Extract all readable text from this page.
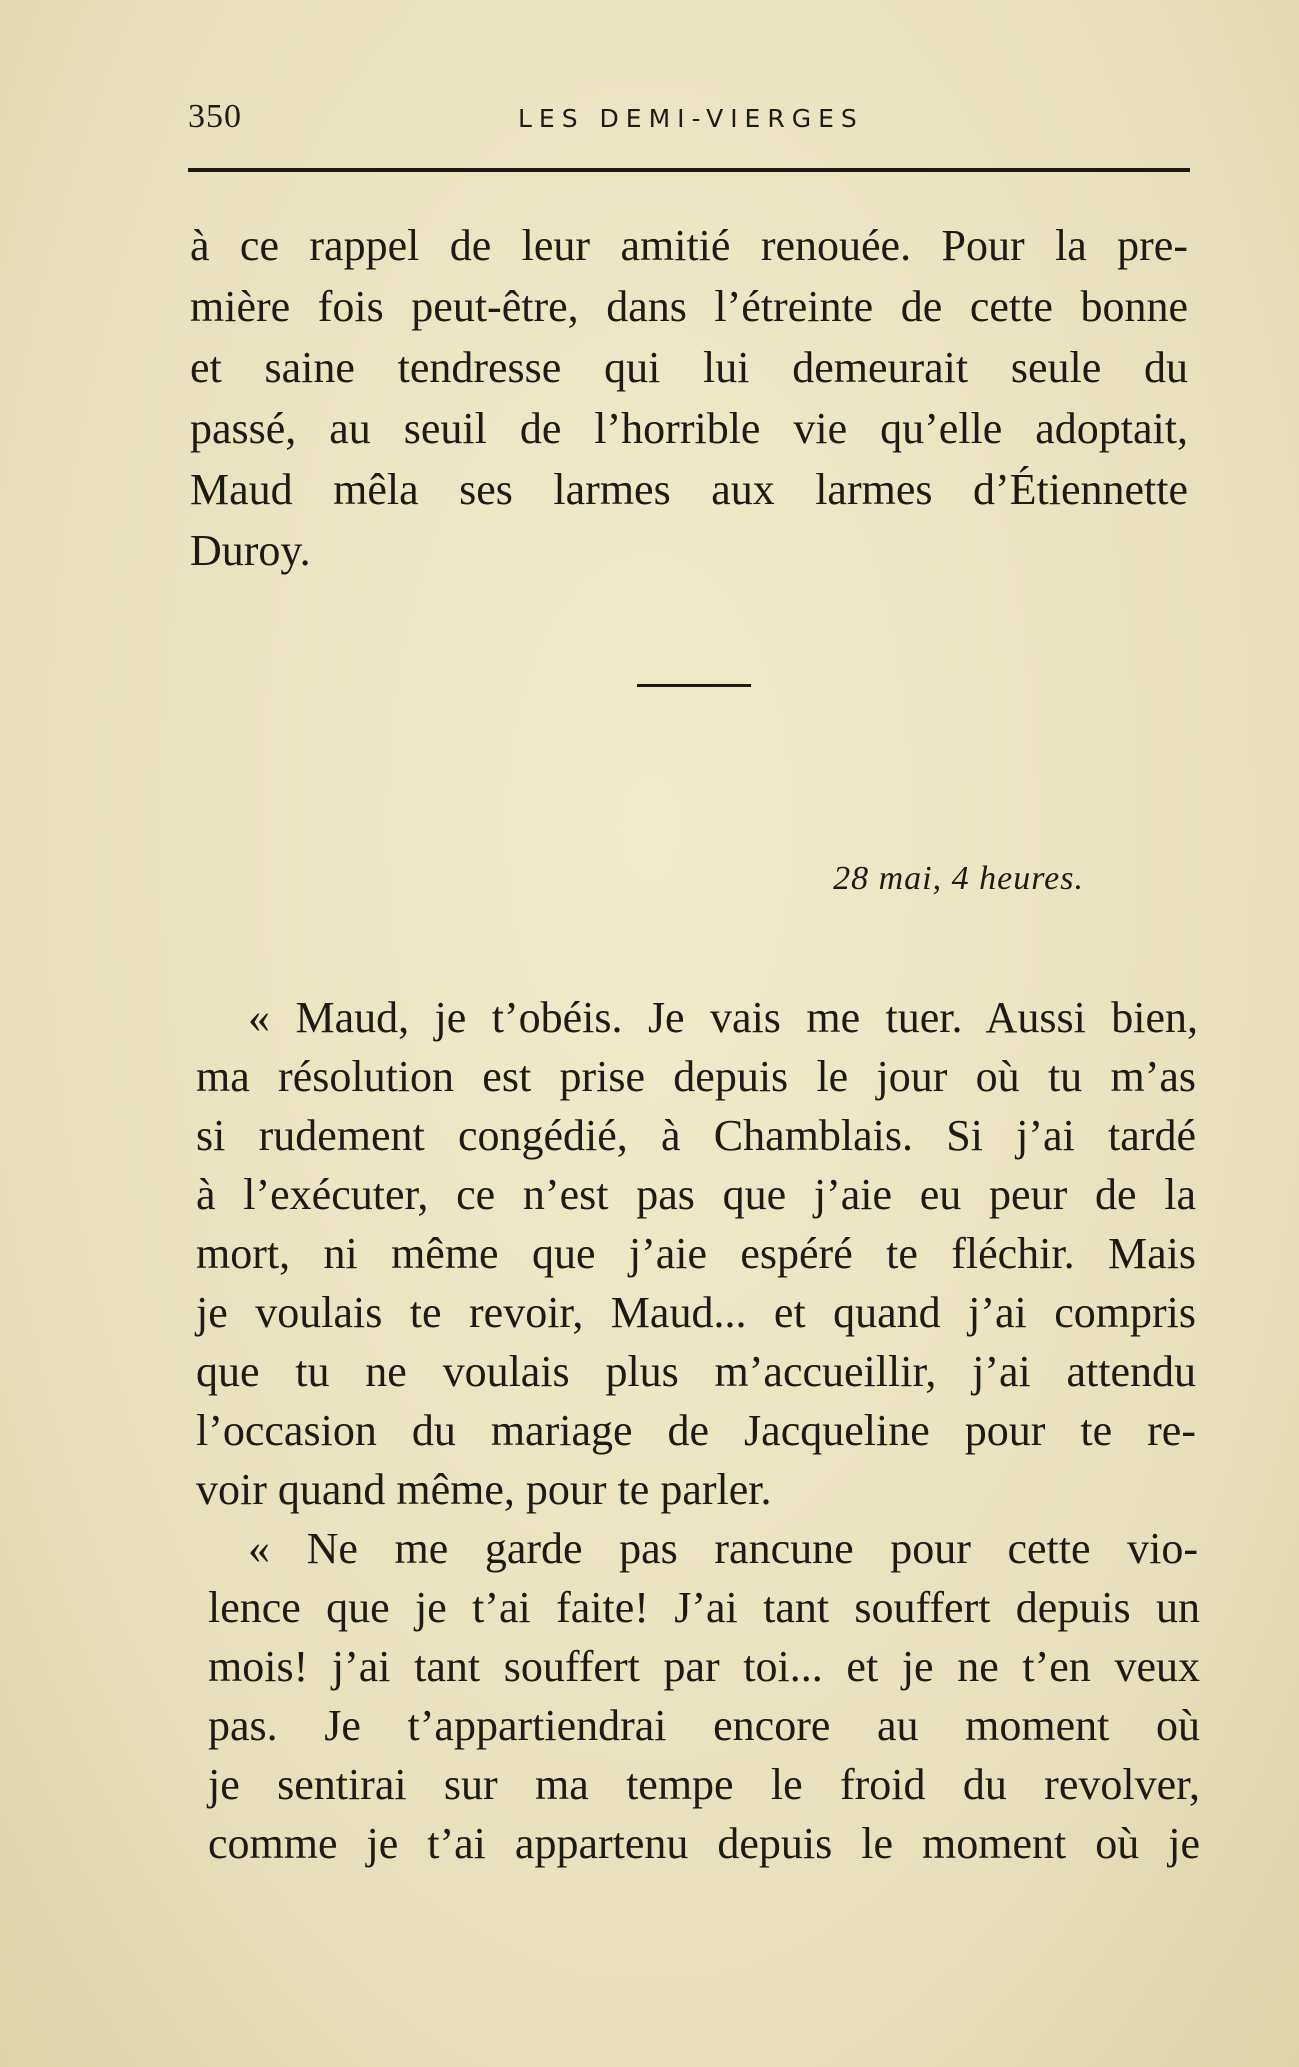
350	LES DEMI-VIERGES
à ce rappel de leur amitié renouée. Pour la pre-
mière fois peut-être, dans l’étreinte de cette bonne
et saine tendresse qui lui demeurait seule du
passé, au seuil de l’horrible vie qu’elle adoptait,
Maud mêla ses larmes aux larmes d’Étiennette
Duroy.
28 mai, 4 heures.
« Maud, je t’obéis. Je vais me tuer. Aussi bien,
ma résolution est prise depuis le jour où tu m’as
si rudement congédié, à Chamblais. Si j’ai tardé
à l’exécuter, ce n’est pas que j’aie eu peur de la
mort, ni même que j’aie espéré te fléchir. Mais
je voulais te revoir, Maud... et quand j’ai compris
que tu ne voulais plus m’accueillir, j’ai attendu
l’occasion du mariage de Jacqueline pour te re-
voir quand même, pour te parler.
« Ne me garde pas rancune pour cette vio-
lence que je t’ai faite! J’ai tant souffert depuis un
mois! j’ai tant souffert par toi... et je ne t’en veux
pas. Je t’appartiendrai encore au moment où
je sentirai sur ma tempe le froid du revolver,
comme je t’ai appartenu depuis le moment où je
